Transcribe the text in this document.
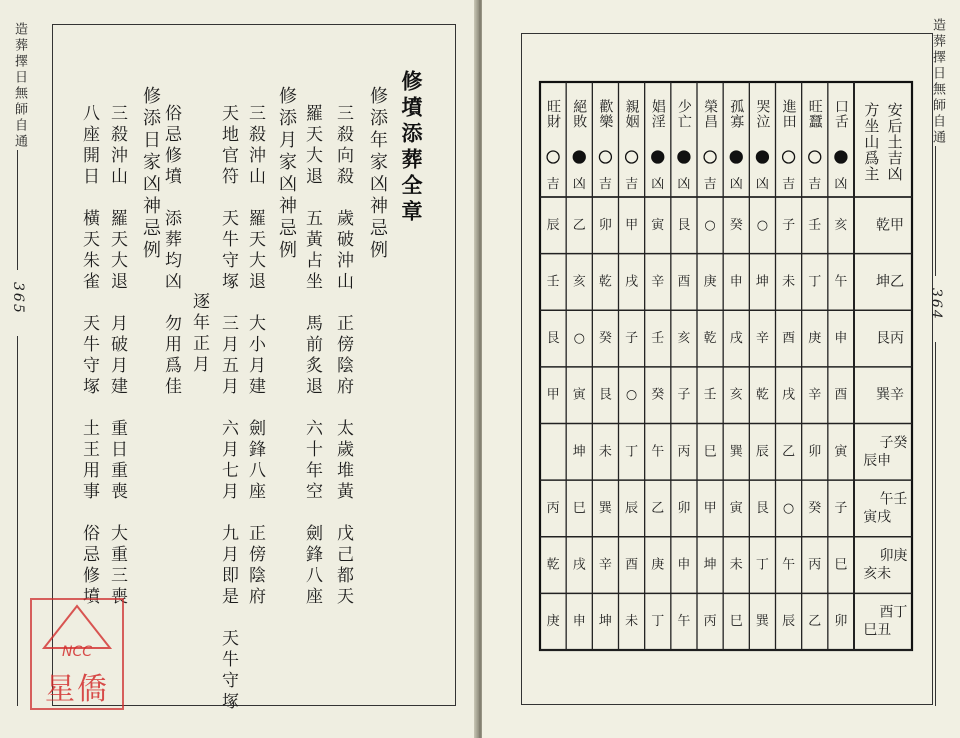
造葬擇日無師自通
365
修墳添葬全章
修添年家凶神忌例
三殺向殺　歲破沖山　正傍陰府　太歲堆黃　戊己都天
羅天大退　五黃占坐　馬前炙退　六十年空　劍鋒八座
修添月家凶神忌例
三殺沖山　羅天大退　大小月建　劍鋒八座　正傍陰府
天地官符　天牛守塚　三月五月　六月七月　九月即是　天牛守塚
逐年正月
俗忌修墳　添葬均凶　勿用爲佳
修添日家凶神忌例
三殺沖山　羅天大退　月破月建　重日重喪　大重三喪
八座開日　橫天朱雀　天牛守塚　土王用事　俗忌修墳
NCC
星僑
造葬擇日無師自通
364
安后土吉凶
方坐山爲主
口舌
凶
旺蠶
吉
進田
吉
哭泣
凶
孤寡
凶
榮昌
吉
少亡
凶
娼淫
凶
親姻
吉
歡樂
吉
絕敗
凶
旺財
吉
乾甲
亥
壬
子
○
癸
○
艮
寅
甲
卯
乙
辰
坤乙
午
丁
未
坤
申
庚
酉
辛
戌
乾
亥
壬
艮丙
申
庚
酉
辛
戌
乾
亥
壬
子
癸
○
艮
巽辛
酉
辛
戌
乾
亥
壬
子
癸
○
艮
寅
甲
子癸
辰申
寅
卯
乙
辰
巽
巳
丙
午
丁
未
坤
午壬
寅戌
子
癸
○
艮
寅
甲
卯
乙
辰
巽
巳
丙
卯庚
亥未
巳
丙
午
丁
未
坤
申
庚
酉
辛
戌
乾
酉丁
巳丑
卯
乙
辰
巽
巳
丙
午
丁
未
坤
申
庚
